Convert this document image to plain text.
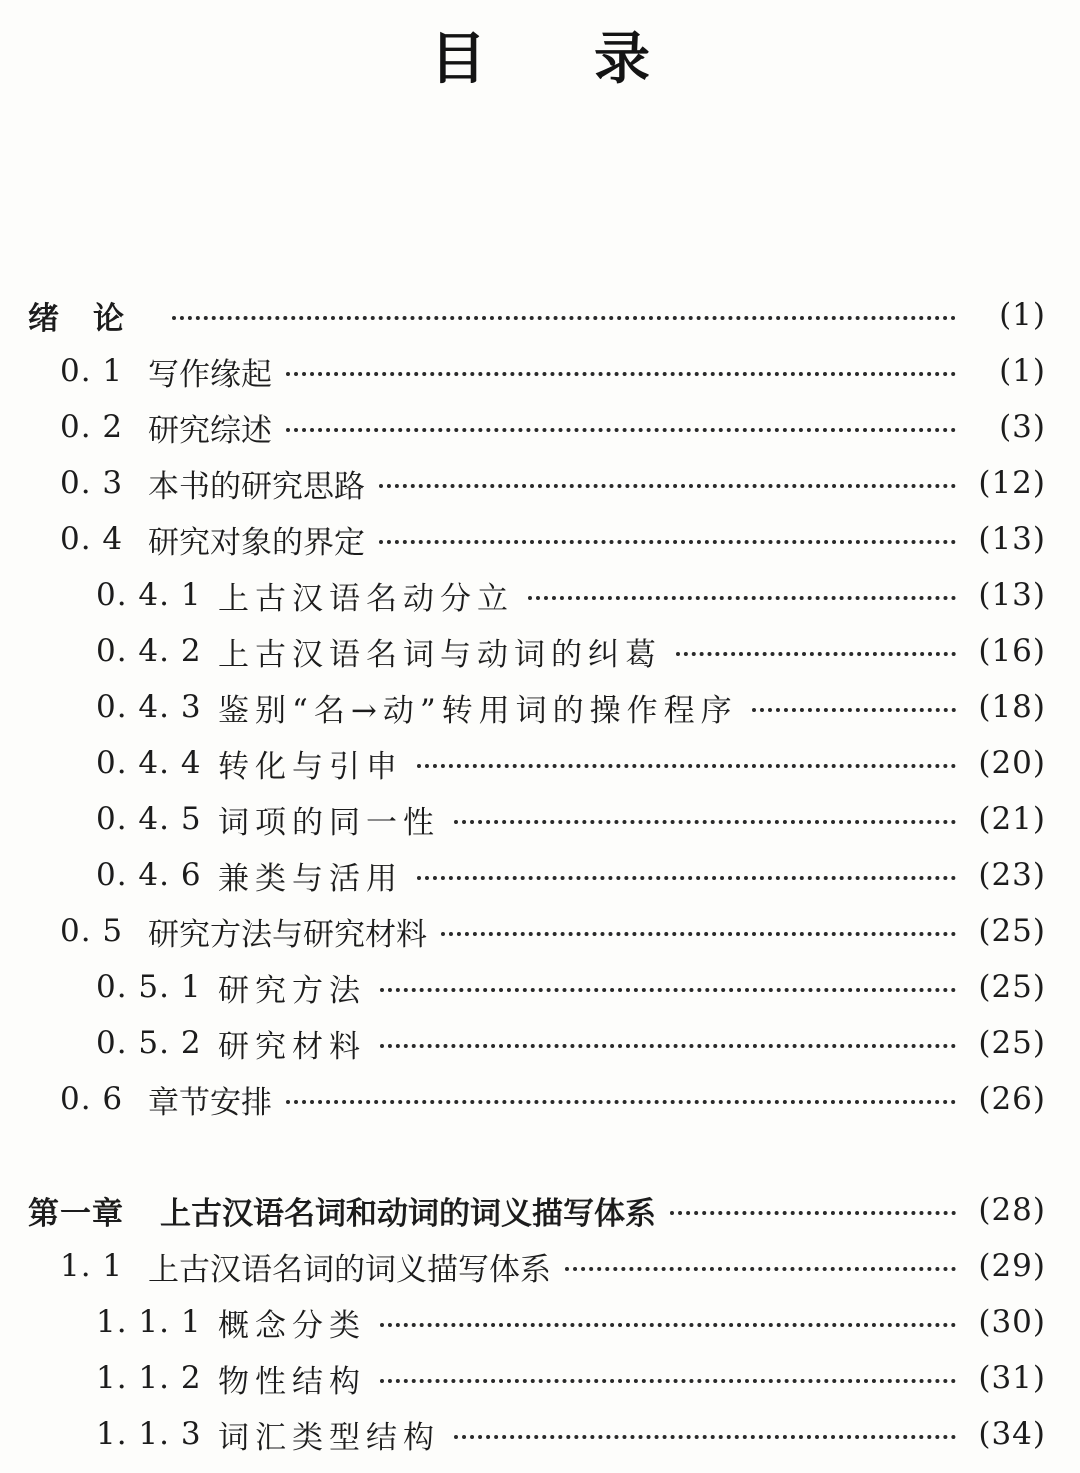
目 录
绪论	(1)
0. 1 写作缘起	(1)
0. 2 研究综述	(3)
0. 3 本书的研究思路	(12)
0. 4 研究对象的界定	(13)
0. 4. 1 上古汉语名动分立	(13)
0. 4. 2 上古汉语名词与动词的纠葛	(16)
0. 4. 3 鉴别“名→动”转用词的操作程序	(18)
0. 4. 4 转化与引申	(20)
0. 4. 5 词项的同一性	(21)
0. 4. 6 兼类与活用	(23)
0. 5 研究方法与研究材料	(25)
0. 5. 1 研究方法	(25)
0. 5. 2 研究材料	(25)
0. 6 章节安排	(26)
第一章 上古汉语名词和动词的词义描写体系	(28)
1. 1 上古汉语名词的词义描写体系	(29)
1. 1. 1 概念分类	(30)
1. 1. 2 物性结构	(31)
1. 1. 3 词汇类型结构	(34)
